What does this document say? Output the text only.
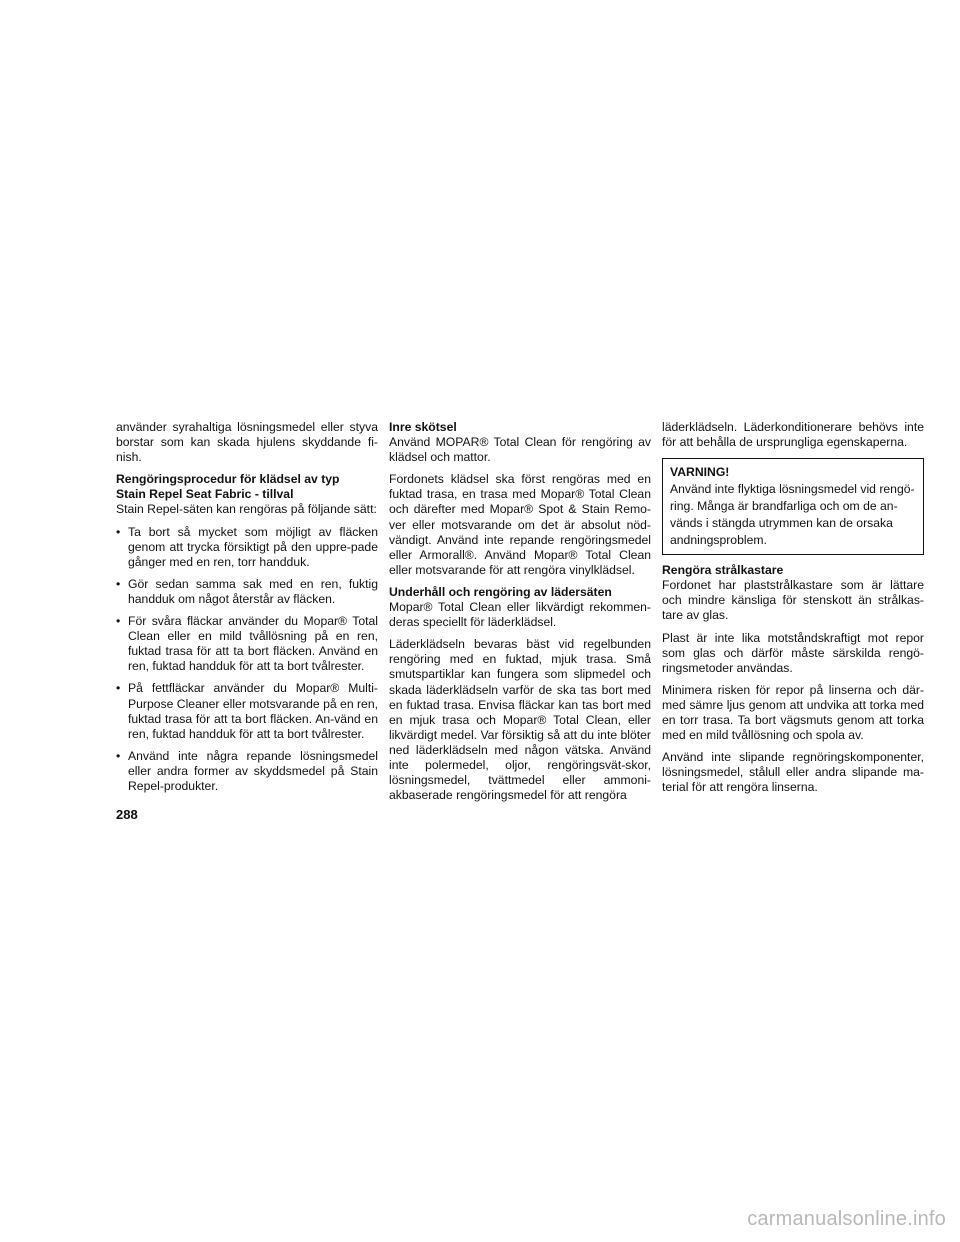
använder syrahaltiga lösningsmedel eller styva borstar som kan skada hjulens skyddande fi-nish.

Rengöringsprocedur för klädsel av typ
Stain Repel Seat Fabric - tillval
Stain Repel-säten kan rengöras på följande sätt:

• Ta bort så mycket som möjligt av fläcken genom att trycka försiktigt på den uppre-pade gånger med en ren, torr handduk.
• Gör sedan samma sak med en ren, fuktig handduk om något återstår av fläcken.
• För svåra fläckar använder du Mopar® Total Clean eller en mild tvållösning på en ren, fuktad trasa för att ta bort fläcken. Använd en ren, fuktad handduk för att ta bort tvålrester.
• På fettfläckar använder du Mopar® Multi-Purpose Cleaner eller motsvarande på en ren, fuktad trasa för att ta bort fläcken. An-vänd en ren, fuktad handduk för att ta bort tvålrester.
• Använd inte några repande lösningsmedel eller andra former av skyddsmedel på Stain Repel-produkter.

Inre skötsel
Använd MOPAR® Total Clean för rengöring av klädsel och mattor.

Fordonets klädsel ska först rengöras med en fuktad trasa, en trasa med Mopar® Total Clean och därefter med Mopar® Spot & Stain Remo-ver eller motsvarande om det är absolut nöd-vändigt. Använd inte repande rengöringsmedel eller Armorall®. Använd Mopar® Total Clean eller motsvarande för att rengöra vinylklädsel.

Underhåll och rengöring av lädersäten
Mopar® Total Clean eller likvärdigt rekommen-deras speciellt för läderklädsel.

Läderklädseln bevaras bäst vid regelbunden rengöring med en fuktad, mjuk trasa. Små smutspartiklar kan fungera som slipmedel och skada läderklädseln varför de ska tas bort med en fuktad trasa. Envisa fläckar kan tas bort med en mjuk trasa och Mopar® Total Clean, eller likvärdigt medel. Var försiktig så att du inte blöter ned läderklädseln med någon vätska. Använd inte polermedel, oljor, rengöringsvät-skor, lösningsmedel, tvättmedel eller ammoni-akbaserade rengöringsmedel för att rengöra

läderklädseln. Läderkonditionerare behövs inte för att behålla de ursprungliga egenskaperna.

VARNING!
Använd inte flyktiga lösningsmedel vid rengö-ring. Många är brandfarliga och om de an-vänds i stängda utrymmen kan de orsaka andningsproblem.

Rengöra strålkastare
Fordonet har plaststrålkastare som är lättare och mindre känsliga för stenskott än strålkas-tare av glas.

Plast är inte lika motståndskraftigt mot repor som glas och därför måste särskilda rengö-ringsmetoder användas.

Minimera risken för repor på linserna och där-med sämre ljus genom att undvika att torka med en torr trasa. Ta bort vägsmuts genom att torka med en mild tvållösning och spola av.

Använd inte slipande regnöringskomponenter, lösningsmedel, stålull eller andra slipande ma-terial för att rengöra linserna.

288
carmanualsonline.info
